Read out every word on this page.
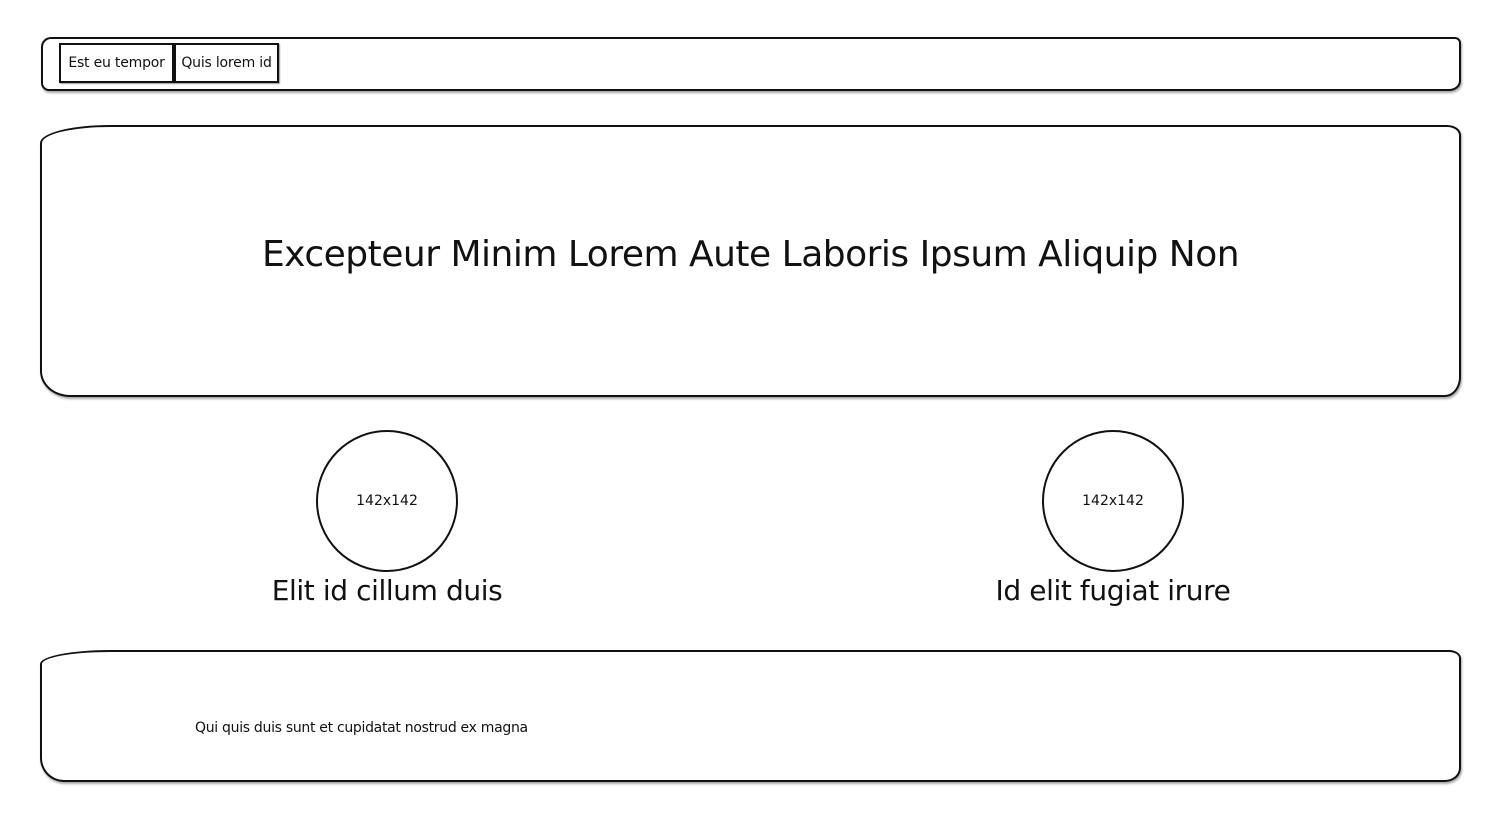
Est eu tempor	Quis lorem id
Excepteur Minim Lorem Aute Laboris Ipsum Aliquip Non
142x142
Elit id cillum duis
142x142
Id elit fugiat irure
Qui quis duis sunt et cupidatat nostrud ex magna
